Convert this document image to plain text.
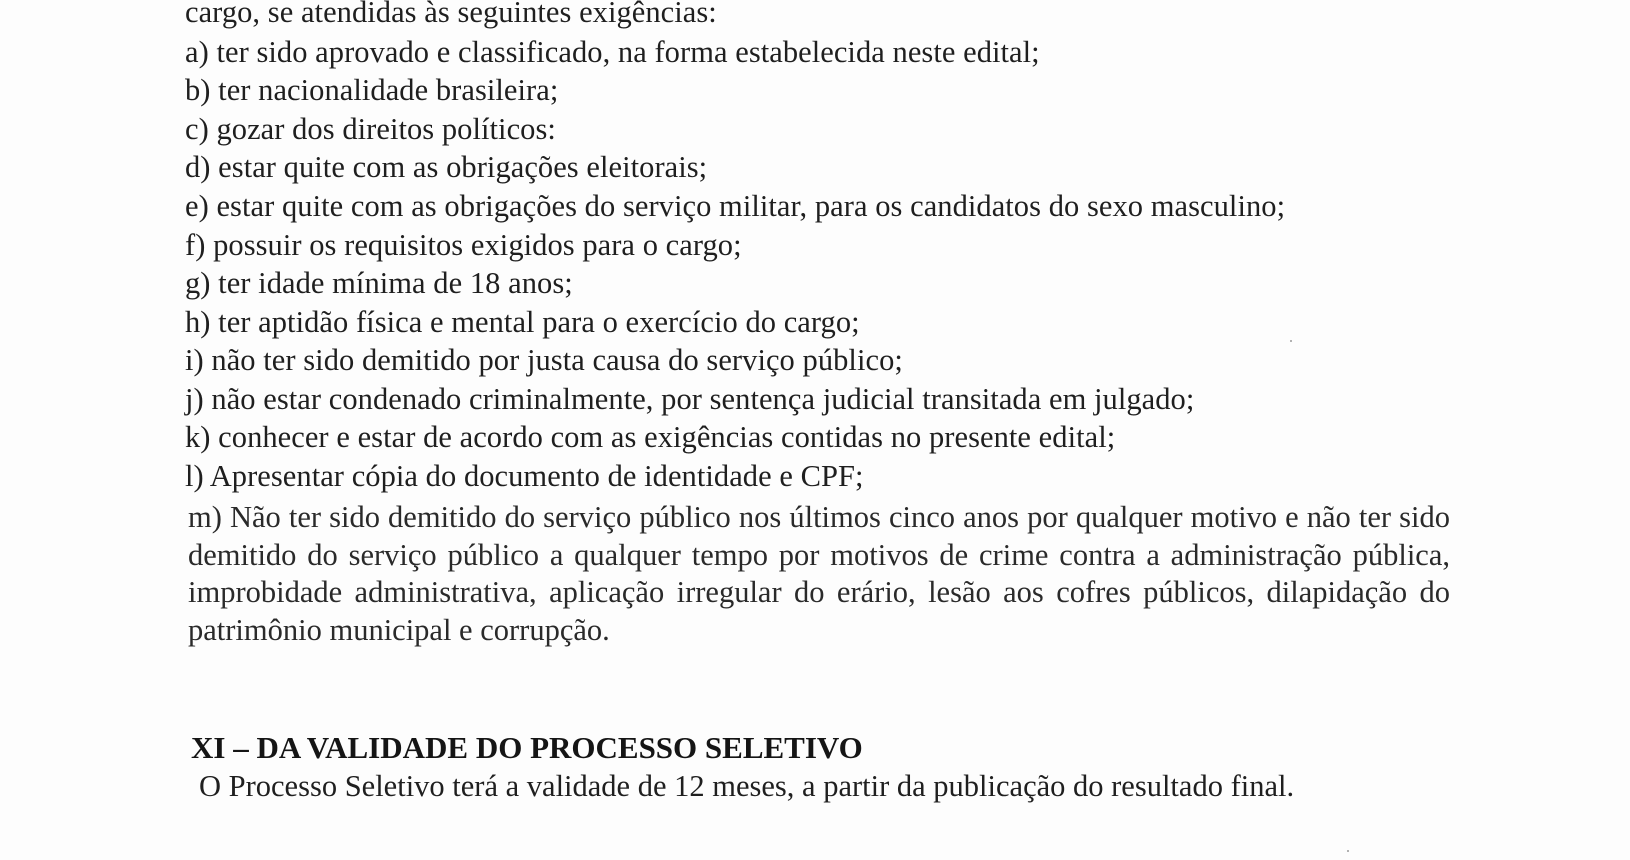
cargo, se atendidas às seguintes exigências:
a) ter sido aprovado e classificado, na forma estabelecida neste edital;
b) ter nacionalidade brasileira;
c) gozar dos direitos políticos:
d) estar quite com as obrigações eleitorais;
e) estar quite com as obrigações do serviço militar, para os candidatos do sexo masculino;
f) possuir os requisitos exigidos para o cargo;
g) ter idade mínima de 18 anos;
h) ter aptidão física e mental para o exercício do cargo;
i) não ter sido demitido por justa causa do serviço público;
j) não estar condenado criminalmente, por sentença judicial transitada em julgado;
k) conhecer e estar de acordo com as exigências contidas no presente edital;
l) Apresentar cópia do documento de identidade e CPF;
m) Não ter sido demitido do serviço público nos últimos cinco anos por qualquer motivo e não ter sido demitido do serviço público a qualquer tempo por motivos de crime contra a administração pública, improbidade administrativa, aplicação irregular do erário, lesão aos cofres públicos, dilapidação do patrimônio municipal e corrupção.
XI – DA VALIDADE DO PROCESSO SELETIVO
O Processo Seletivo terá a validade de 12 meses, a partir da publicação do resultado final.
